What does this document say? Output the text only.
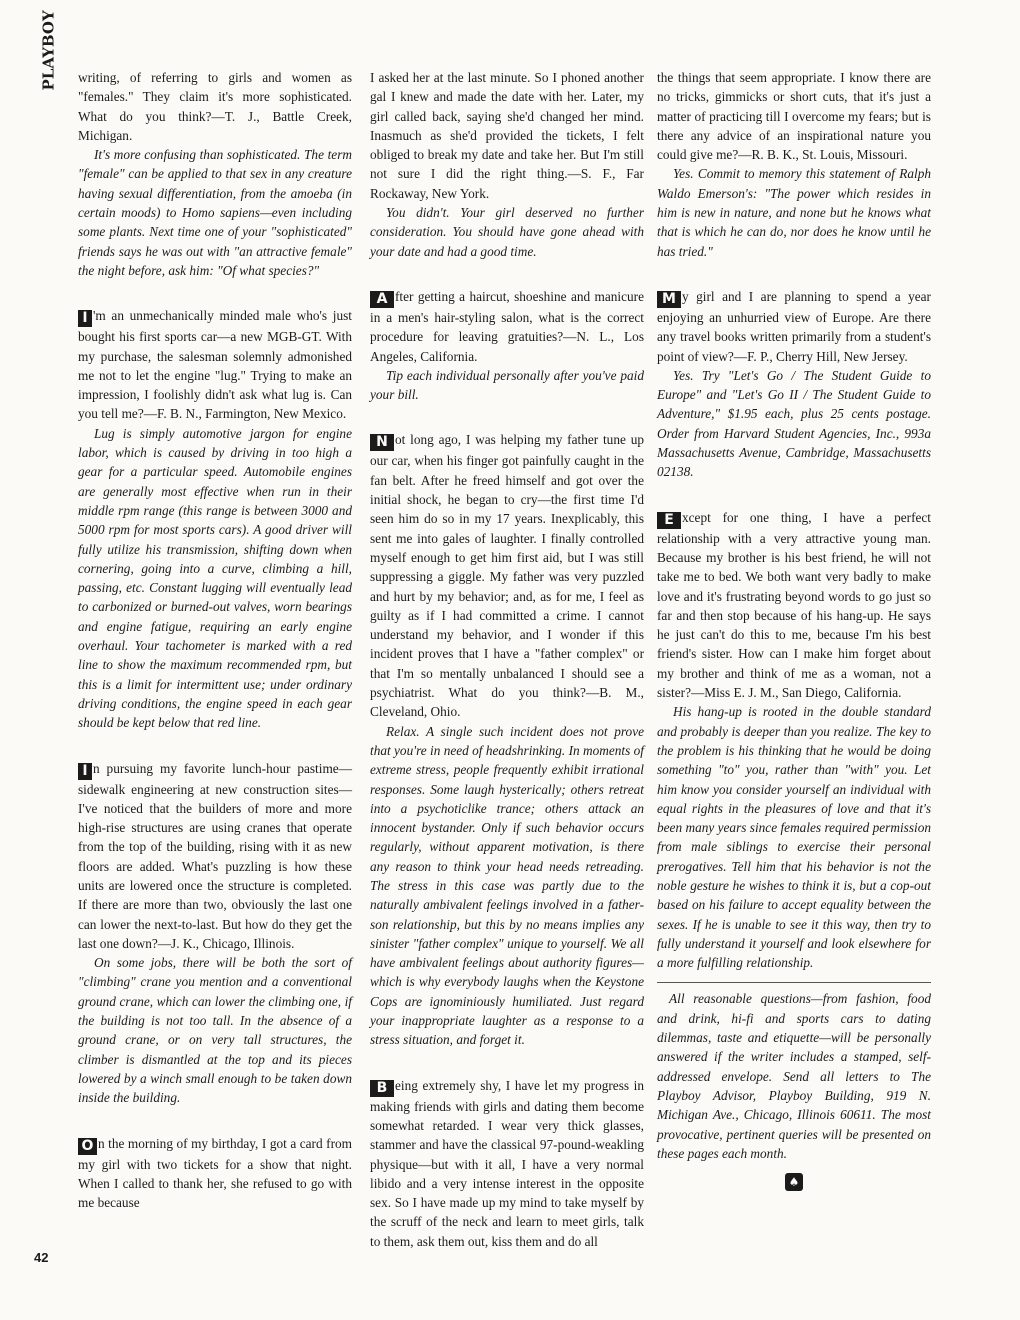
PLAYBOY
42

writing, of referring to girls and women as "females." They claim it's more sophisticated. What do you think?—T. J., Battle Creek, Michigan.

It's more confusing than sophisticated. The term "female" can be applied to that sex in any creature having sexual differentiation, from the amoeba (in certain moods) to Homo sapiens—even including some plants. Next time one of your "sophisticated" friends says he was out with "an attractive female" the night before, ask him: "Of what species?"

I 'm an unmechanically minded male who's just bought his first sports car—a new MGB-GT. With my purchase, the salesman solemnly admonished me not to let the engine "lug." Trying to make an impression, I foolishly didn't ask what lug is. Can you tell me?—F. B. N., Farmington, New Mexico.

Lug is simply automotive jargon for engine labor, which is caused by driving in too high a gear for a particular speed. Automobile engines are generally most effective when run in their middle rpm range (this range is between 3000 and 5000 rpm for most sports cars). A good driver will fully utilize his transmission, shifting down when cornering, going into a curve, climbing a hill, passing, etc. Constant lugging will eventually lead to carbonized or burned-out valves, worn bearings and engine fatigue, requiring an early engine overhaul. Your tachometer is marked with a red line to show the maximum recommended rpm, but this is a limit for intermittent use; under ordinary driving conditions, the engine speed in each gear should be kept below that red line.

I n pursuing my favorite lunch-hour pastime—sidewalk engineering at new construction sites—I've noticed that the builders of more and more high-rise structures are using cranes that operate from the top of the building, rising with it as new floors are added. What's puzzling is how these units are lowered once the structure is completed. If there are more than two, obviously the last one can lower the next-to-last. But how do they get the last one down?—J. K., Chicago, Illinois.

On some jobs, there will be both the sort of "climbing" crane you mention and a conventional ground crane, which can lower the climbing one, if the building is not too tall. In the absence of a ground crane, or on very tall structures, the climber is dismantled at the top and its pieces lowered by a winch small enough to be taken down inside the building.

O n the morning of my birthday, I got a card from my girl with two tickets for a show that night. When I called to thank her, she refused to go with me because

I asked her at the last minute. So I phoned another gal I knew and made the date with her. Later, my girl called back, saying she'd changed her mind. Inasmuch as she'd provided the tickets, I felt obliged to break my date and take her. But I'm still not sure I did the right thing.—S. F., Far Rockaway, New York.

You didn't. Your girl deserved no further consideration. You should have gone ahead with your date and had a good time.

A fter getting a haircut, shoeshine and manicure in a men's hair-styling salon, what is the correct procedure for leaving gratuities?—N. L., Los Angeles, California.

Tip each individual personally after you've paid your bill.

N ot long ago, I was helping my father tune up our car, when his finger got painfully caught in the fan belt. After he freed himself and got over the initial shock, he began to cry—the first time I'd seen him do so in my 17 years. Inexplicably, this sent me into gales of laughter. I finally controlled myself enough to get him first aid, but I was still suppressing a giggle. My father was very puzzled and hurt by my behavior; and, as for me, I feel as guilty as if I had committed a crime. I cannot understand my behavior, and I wonder if this incident proves that I have a "father complex" or that I'm so mentally unbalanced I should see a psychiatrist. What do you think?—B. M., Cleveland, Ohio.

Relax. A single such incident does not prove that you're in need of headshrinking. In moments of extreme stress, people frequently exhibit irrational responses. Some laugh hysterically; others retreat into a psychoticlike trance; others attack an innocent bystander. Only if such behavior occurs regularly, without apparent motivation, is there any reason to think your head needs retreading. The stress in this case was partly due to the naturally ambivalent feelings involved in a father-son relationship, but this by no means implies any sinister "father complex" unique to yourself. We all have ambivalent feelings about authority figures—which is why everybody laughs when the Keystone Cops are ignominiously humiliated. Just regard your inappropriate laughter as a response to a stress situation, and forget it.

B eing extremely shy, I have let my progress in making friends with girls and dating them become somewhat retarded. I wear very thick glasses, stammer and have the classical 97-pound-weakling physique—but with it all, I have a very normal libido and a very intense interest in the opposite sex. So I have made up my mind to take myself by the scruff of the neck and learn to meet girls, talk to them, ask them out, kiss them and do all

the things that seem appropriate. I know there are no tricks, gimmicks or short cuts, that it's just a matter of practicing till I overcome my fears; but is there any advice of an inspirational nature you could give me?—R. B. K., St. Louis, Missouri.

Yes. Commit to memory this statement of Ralph Waldo Emerson's: "The power which resides in him is new in nature, and none but he knows what that is which he can do, nor does he know until he has tried."

M y girl and I are planning to spend a year enjoying an unhurried view of Europe. Are there any travel books written primarily from a student's point of view?—F. P., Cherry Hill, New Jersey.

Yes. Try "Let's Go / The Student Guide to Europe" and "Let's Go II / The Student Guide to Adventure," $1.95 each, plus 25 cents postage. Order from Harvard Student Agencies, Inc., 993a Massachusetts Avenue, Cambridge, Massachusetts 02138.

E xcept for one thing, I have a perfect relationship with a very attractive young man. Because my brother is his best friend, he will not take me to bed. We both want very badly to make love and it's frustrating beyond words to go just so far and then stop because of his hang-up. He says he just can't do this to me, because I'm his best friend's sister. How can I make him forget about my brother and think of me as a woman, not a sister?—Miss E. J. M., San Diego, California.

His hang-up is rooted in the double standard and probably is deeper than you realize. The key to the problem is his thinking that he would be doing something "to" you, rather than "with" you. Let him know you consider yourself an individual with equal rights in the pleasures of love and that it's been many years since females required permission from male siblings to exercise their personal prerogatives. Tell him that his behavior is not the noble gesture he wishes to think it is, but a cop-out based on his failure to accept equality between the sexes. If he is unable to see it this way, then try to fully understand it yourself and look elsewhere for a more fulfilling relationship.

All reasonable questions—from fashion, food and drink, hi-fi and sports cars to dating dilemmas, taste and etiquette—will be personally answered if the writer includes a stamped, self-addressed envelope. Send all letters to The Playboy Advisor, Playboy Building, 919 N. Michigan Ave., Chicago, Illinois 60611. The most provocative, pertinent queries will be presented on these pages each month.

♠
